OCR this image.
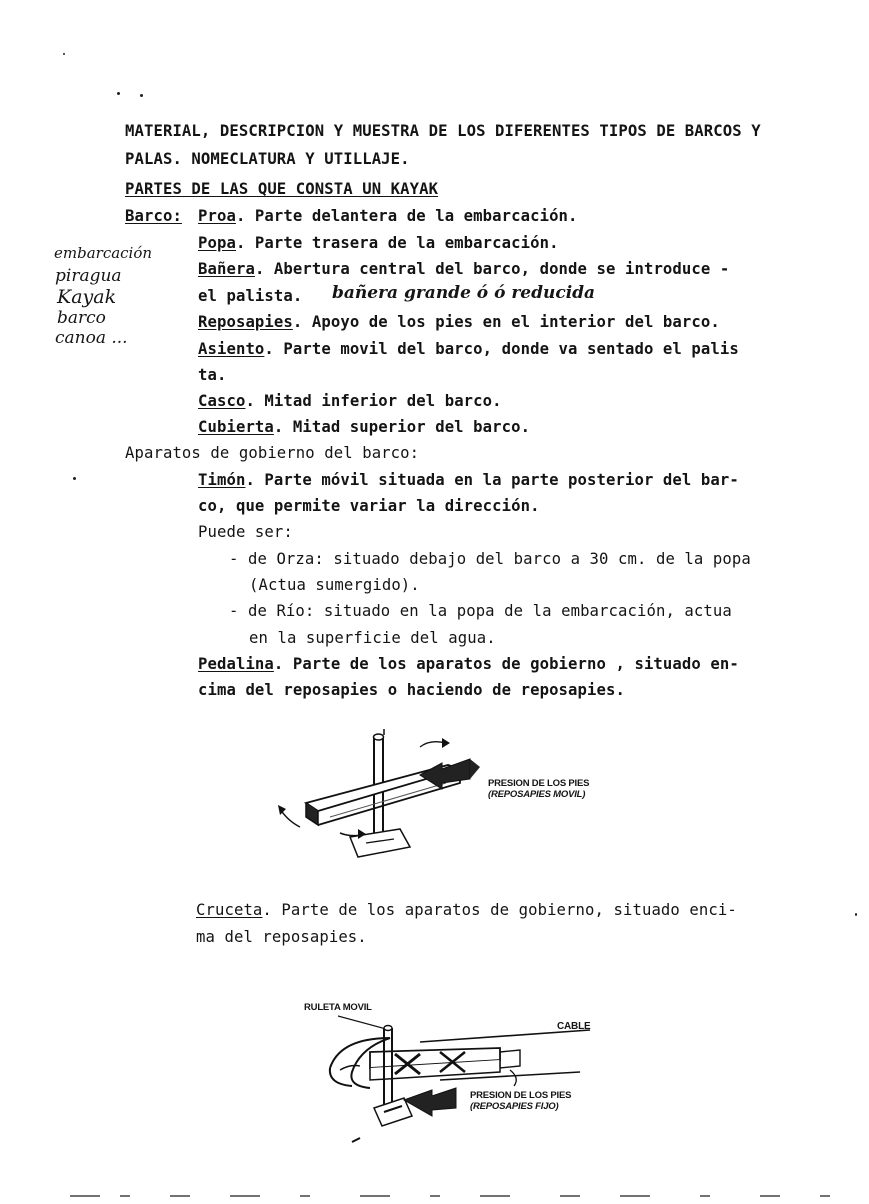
MATERIAL, DESCRIPCION Y MUESTRA DE LOS DIFERENTES TIPOS DE BARCOS Y
PALAS. NOMECLATURA Y UTILLAJE.
PARTES DE LAS QUE CONSTA UN KAYAK
Barco: Proa. Parte delantera de la embarcación.
Popa. Parte trasera de la embarcación.
Bañera. Abertura central del barco, donde se introduce -
el palista.
Reposapies. Apoyo de los pies en el interior del barco.
Asiento. Parte movil del barco, donde va sentado el palis
ta.
Casco. Mitad inferior del barco.
Cubierta. Mitad superior del barco.
Aparatos de gobierno del barco:
Timón. Parte móvil situada en la parte posterior del bar-
co, que permite variar la dirección.
Puede ser:
- de Orza: situado debajo del barco a 30 cm. de la popa
(Actua sumergido).
- de Río: situado en la popa de la embarcación, actua
en la superficie del agua.
Pedalina. Parte de los aparatos de gobierno , situado en-
cima del reposapies o haciendo de reposapies.
Cruceta. Parte de los aparatos de gobierno, situado enci-
ma del reposapies.
embarcación
piragua
Kayak
barco
canoa ...
bañera grande ó ó reducida
PRESION DE LOS PIES
(REPOSAPIES MOVIL)
RULETA MOVIL
CABLE
PRESION DE LOS PIES
(REPOSAPIES FIJO)
